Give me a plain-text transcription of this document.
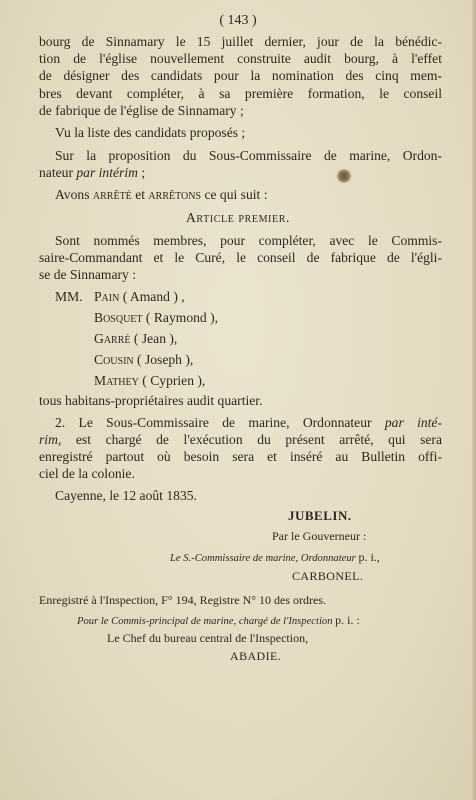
( 143 )
bourg de Sinnamary le 15 juillet dernier, jour de la bénédic-
tion de l'église nouvellement construite audit bourg, à l'effet
de désigner des candidats pour la nomination des cinq mem-
bres devant compléter, à sa première formation, le conseil
de fabrique de l'église de Sinnamary ;
Vu la liste des candidats proposés ;
Sur la proposition du Sous-Commissaire de marine, Ordon-
nateur par intérim ;
Avons arrêté et arrêtons ce qui suit :
Article premier.
Sont nommés membres, pour compléter, avec le Commis-
saire-Commandant et le Curé, le conseil de fabrique de l'égli-
se de Sinnamary :
MM. Pain ( Amand ) ,
Bosquet ( Raymond ),
Garré ( Jean ),
Cousin ( Joseph ),
Mathey ( Cyprien ),
tous habitans-propriétaires audit quartier.
2. Le Sous-Commissaire de marine, Ordonnateur par inté-
rim, est chargé de l'exécution du présent arrêté, qui sera
enregistré partout où besoin sera et inséré au Bulletin offi-
ciel de la colonie.
Cayenne, le 12 août 1835.
JUBELIN.
Par le Gouverneur :
Le S.-Commissaire de marine, Ordonnateur p. i.,
CARBONEL.
Enregistré à l'Inspection, F° 194, Registre N° 10 des ordres.
Pour le Commis-principal de marine, chargé de l'Inspection p. i. :
Le Chef du bureau central de l'Inspection,
ABADIE.
